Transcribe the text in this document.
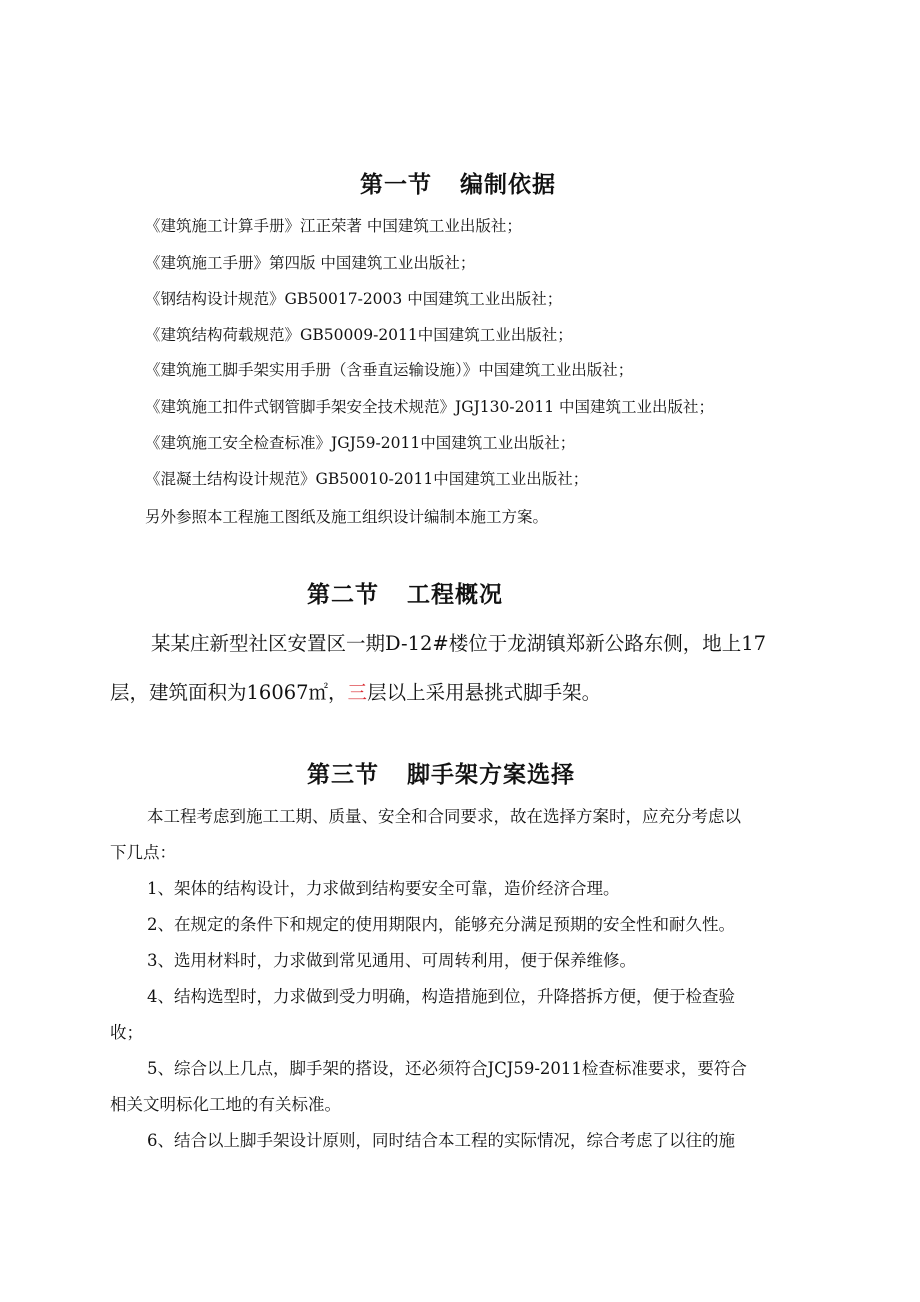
第一节 编制依据

《建筑施工计算手册》江正荣著 中国建筑工业出版社；

《建筑施工手册》第四版 中国建筑工业出版社；

《钢结构设计规范》GB50017-2003 中国建筑工业出版社；

《建筑结构荷载规范》GB50009-2011中国建筑工业出版社；

《建筑施工脚手架实用手册（含垂直运输设施）》中国建筑工业出版社；

《建筑施工扣件式钢管脚手架安全技术规范》JGJ130-2011 中国建筑工业出版社；

《建筑施工安全检查标准》JGJ59-2011中国建筑工业出版社；

《混凝土结构设计规范》GB50010-2011中国建筑工业出版社；

另外参照本工程施工图纸及施工组织设计编制本施工方案。

第二节 工程概况

某某庄新型社区安置区一期D-12#楼位于龙湖镇郑新公路东侧，地上17

层，建筑面积为16067㎡，三层以上采用悬挑式脚手架。

第三节 脚手架方案选择

本工程考虑到施工工期、质量、安全和合同要求，故在选择方案时，应充分考虑以

下几点：

1、架体的结构设计，力求做到结构要安全可靠，造价经济合理。

2、在规定的条件下和规定的使用期限内，能够充分满足预期的安全性和耐久性。

3、选用材料时，力求做到常见通用、可周转利用，便于保养维修。

4、结构选型时，力求做到受力明确，构造措施到位，升降搭拆方便，便于检查验

收；

5、综合以上几点，脚手架的搭设，还必须符合JCJ59-2011检查标准要求，要符合

相关文明标化工地的有关标准。

6、结合以上脚手架设计原则，同时结合本工程的实际情况，综合考虑了以往的施
